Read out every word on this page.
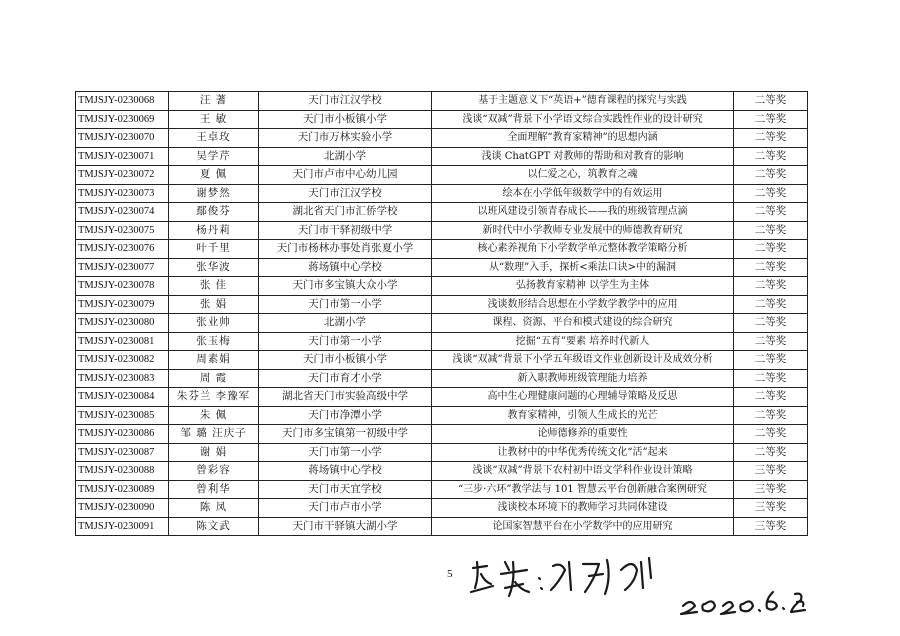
TMJSJY-0230068	汪 蓍	天门市江汉学校	基于主题意义下“英语+”德育课程的探究与实践	二等奖
TMJSJY-0230069	王 敏	天门市小板镇小学	浅谈“双减”背景下小学语文综合实践性作业的设计研究	二等奖
TMJSJY-0230070	王卓玫	天门市万林实验小学	全面理解“教育家精神”的思想内涵	二等奖
TMJSJY-0230071	吴学芹	北湖小学	浅谈 ChatGPT 对教师的帮助和对教育的影响	二等奖
TMJSJY-0230072	夏 佩	天门市卢市中心幼儿园	以仁爱之心，筑教育之魂	二等奖
TMJSJY-0230073	谢梦然	天门市江汉学校	绘本在小学低年级数学中的有效运用	二等奖
TMJSJY-0230074	鄢俊芬	湖北省天门市汇侨学校	以班风建设引领青春成长——我的班级管理点滴	二等奖
TMJSJY-0230075	杨丹莉	天门市干驿初级中学	新时代中小学教师专业发展中的师德教育研究	二等奖
TMJSJY-0230076	叶千里	天门市杨林办事处肖张夏小学	核心素养视角下小学数学单元整体教学策略分析	二等奖
TMJSJY-0230077	张华波	蒋场镇中心学校	从“数理”入手，探析<乘法口诀>中的漏洞	二等奖
TMJSJY-0230078	张 佳	天门市多宝镇大众小学	弘扬教育家精神 以学生为主体	二等奖
TMJSJY-0230079	张 娟	天门市第一小学	浅谈数形结合思想在小学数学教学中的应用	二等奖
TMJSJY-0230080	张业帅	北湖小学	课程、资源、平台和模式建设的综合研究	二等奖
TMJSJY-0230081	张玉梅	天门市第一小学	挖掘“五育”要素 培养时代新人	二等奖
TMJSJY-0230082	周素娟	天门市小板镇小学	浅谈“双减”背景下小学五年级语文作业创新设计及成效分析	二等奖
TMJSJY-0230083	周 霞	天门市育才小学	新入职教师班级管理能力培养	二等奖
TMJSJY-0230084	朱芬兰 李豫军	湖北省天门市实验高级中学	高中生心理健康问题的心理辅导策略及反思	二等奖
TMJSJY-0230085	朱 佩	天门市净潭小学	教育家精神，引领人生成长的光芒	二等奖
TMJSJY-0230086	邹 璐 汪庆子	天门市多宝镇第一初级中学	论师德修养的重要性	二等奖
TMJSJY-0230087	谢 娟	天门市第一小学	让教材中的中华优秀传统文化“活”起来	二等奖
TMJSJY-0230088	曾彩容	蒋场镇中心学校	浅谈“双减”背景下农村初中语文学科作业设计策略	三等奖
TMJSJY-0230089	曾利华	天门市天宜学校	“三步·六环”教学法与 101 智慧云平台创新融合案例研究	三等奖
TMJSJY-0230090	陈 凤	天门市卢市小学	浅谈校本环境下的教师学习共同体建设	三等奖
TMJSJY-0230091	陈文武	天门市干驿镇大湖小学	论国家智慧平台在小学数学中的应用研究	三等奖
5
